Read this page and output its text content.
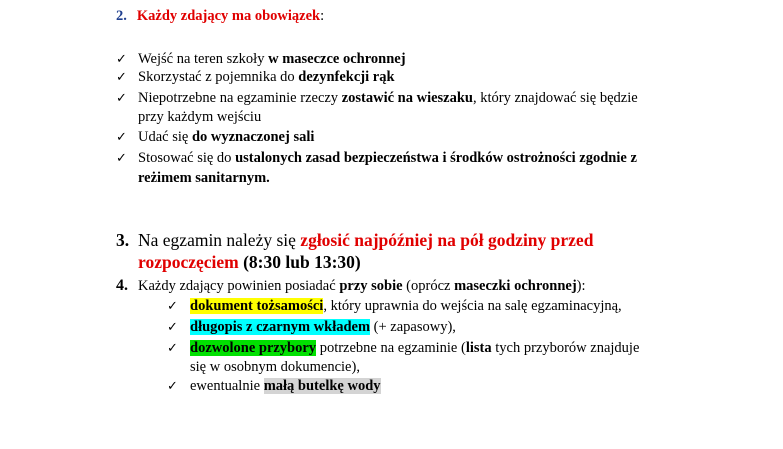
2. Każdy zdający ma obowiązek:
✓ Wejść na teren szkoły w maseczce ochronnej
✓ Skorzystać z pojemnika do dezynfekcji rąk
✓ Niepotrzebne na egzaminie rzeczy zostawić na wieszaku, który znajdować się będzie
przy każdym wejściu
✓ Udać się do wyznaczonej sali
✓ Stosować się do ustalonych zasad bezpieczeństwa i środków ostrożności zgodnie z
reżimem sanitarnym.
3. Na egzamin należy się zgłosić najpóźniej na pół godziny przed
rozpoczęciem (8:30 lub 13:30)
4. Każdy zdający powinien posiadać przy sobie (oprócz maseczki ochronnej):
✓ dokument tożsamości, który uprawnia do wejścia na salę egzaminacyjną,
✓ długopis z czarnym wkładem (+ zapasowy),
✓ dozwolone przybory potrzebne na egzaminie (lista tych przyborów znajduje
się w osobnym dokumencie),
✓ ewentualnie małą butelkę wody
